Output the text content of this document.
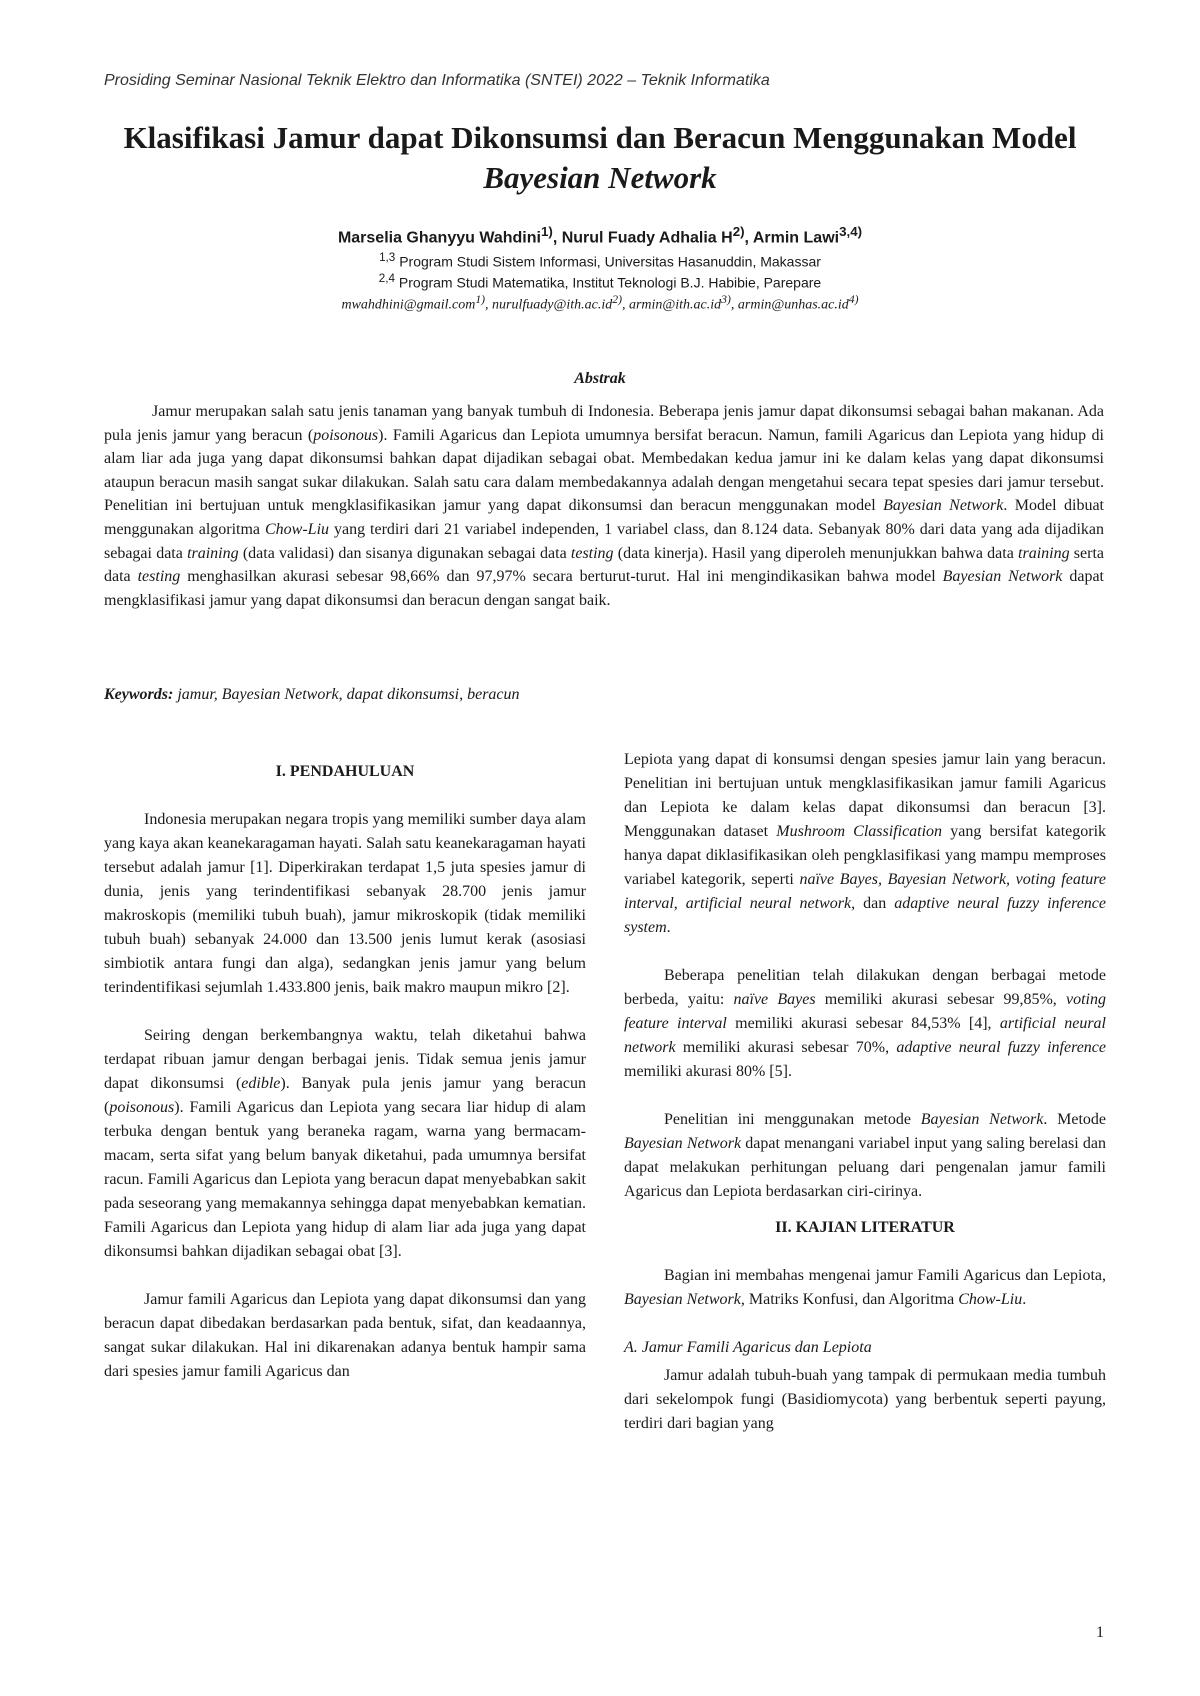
Prosiding Seminar Nasional Teknik Elektro dan Informatika (SNTEI) 2022 – Teknik Informatika
Klasifikasi Jamur dapat Dikonsumsi dan Beracun Menggunakan Model
Bayesian Network
Marselia Ghanyyu Wahdini$^{1)}$, Nurul Fuady Adhalia $H^{2)}$, Armin Lawi$^{3,4)}$
$^{1,3}$ Program Studi Sistem Informasi, Universitas Hasanuddin, Makassar
$^{2,4}$ Program Studi Matematika, Institut Teknologi B.J. Habibie, Parepare
mwahdhini@gmail.com$^{1)}$, $nurulfuady@ith.ac.id^{2)}$, $armin@ith.ac.id^{3)}$, $armin@unhas.ac.id^{4)}$
Abstrak

Jamur merupakan salah satu jenis tanaman yang banyak tumbuh di Indonesia. Beberapa jenis jamur dapat dikonsumsi sebagai bahan makanan. Ada pula jenis jamur yang beracun (poisonous). Famili Agaricus dan Lepiota umumnya bersifat beracun. Namun, famili Agaricus dan Lepiota yang hidup di alam liar ada juga yang dapat dikonsumsi bahkan dapat dijadikan sebagai obat. Membedakan kedua jamur ini ke dalam kelas yang dapat dikonsumsi ataupun beracun masih sangat sukar dilakukan. Salah satu cara dalam membedakannya adalah dengan mengetahui secara tepat spesies dari jamur tersebut. Penelitian ini bertujuan untuk mengklasifikasikan jamur yang dapat dikonsumsi dan beracun menggunakan model Bayesian Network. Model dibuat menggunakan algoritma Chow-Liu yang terdiri dari 21 variabel independen, 1 variabel class, dan 8.124 data. Sebanyak 80% dari data yang ada dijadikan sebagai data training (data validasi) dan sisanya digunakan sebagai data testing (data kinerja). Hasil yang diperoleh menunjukkan bahwa data training serta data testing menghasilkan akurasi sebesar 98,66% dan 97,97% secara berturut-turut. Hal ini mengindikasikan bahwa model Bayesian Network dapat mengklasifikasi jamur yang dapat dikonsumsi dan beracun dengan sangat baik.

Keywords: jamur, Bayesian Network, dapat dikonsumsi, beracun
I. PENDAHULUAN

Indonesia merupakan negara tropis yang memiliki sumber daya alam yang kaya akan keanekaragaman hayati. Salah satu keanekaragaman hayati tersebut adalah jamur [1]. Diperkirakan terdapat 1,5 juta spesies jamur di dunia, jenis yang terindentifikasi sebanyak 28.700 jenis jamur makroskopis (memiliki tubuh buah), jamur mikroskopik (tidak memiliki tubuh buah) sebanyak 24.000 dan 13.500 jenis lumut kerak (asosiasi simbiotik antara fungi dan alga), sedangkan jenis jamur yang belum terindentifikasi sejumlah 1.433.800 jenis, baik makro maupun mikro [2].

Seiring dengan berkembangnya waktu, telah diketahui bahwa terdapat ribuan jamur dengan berbagai jenis. Tidak semua jenis jamur dapat dikonsumsi (edible). Banyak pula jenis jamur yang beracun (poisonous). Famili Agaricus dan Lepiota yang secara liar hidup di alam terbuka dengan bentuk yang beraneka ragam, warna yang bermacam-macam, serta sifat yang belum banyak diketahui, pada umumnya bersifat racun. Famili Agaricus dan Lepiota yang beracun dapat menyebabkan sakit pada seseorang yang memakannya sehingga dapat menyebabkan kematian. Famili Agaricus dan Lepiota yang hidup di alam liar ada juga yang dapat dikonsumsi bahkan dijadikan sebagai obat [3].

Jamur famili Agaricus dan Lepiota yang dapat dikonsumsi dan yang beracun dapat dibedakan berdasarkan pada bentuk, sifat, dan keadaannya, sangat sukar dilakukan. Hal ini dikarenakan adanya bentuk hampir sama dari spesies jamur famili Agaricus dan

Lepiota yang dapat di konsumsi dengan spesies jamur lain yang beracun. Penelitian ini bertujuan untuk mengklasifikasikan jamur famili Agaricus dan Lepiota ke dalam kelas dapat dikonsumsi dan beracun [3]. Menggunakan dataset Mushroom Classification yang bersifat kategorik hanya dapat diklasifikasikan oleh pengklasifikasi yang mampu memproses variabel kategorik, seperti naïve Bayes, Bayesian Network, voting feature interval, artificial neural network, dan adaptive neural fuzzy inference system.

Beberapa penelitian telah dilakukan dengan berbagai metode berbeda, yaitu: naïve Bayes memiliki akurasi sebesar 99,85%, voting feature interval memiliki akurasi sebesar 84,53% [4], artificial neural network memiliki akurasi sebesar 70%, adaptive neural fuzzy inference memiliki akurasi 80% [5].

Penelitian ini menggunakan metode Bayesian Network. Metode Bayesian Network dapat menangani variabel input yang saling berelasi dan dapat melakukan perhitungan peluang dari pengenalan jamur famili Agaricus dan Lepiota berdasarkan ciri-cirinya.

II. KAJIAN LITERATUR

Bagian ini membahas mengenai jamur Famili Agaricus dan Lepiota, Bayesian Network, Matriks Konfusi, dan Algoritma Chow-Liu.

A. Jamur Famili Agaricus dan Lepiota

Jamur adalah tubuh-buah yang tampak di permukaan media tumbuh dari sekelompok fungi (Basidiomycota) yang berbentuk seperti payung, terdiri dari bagian yang

1
